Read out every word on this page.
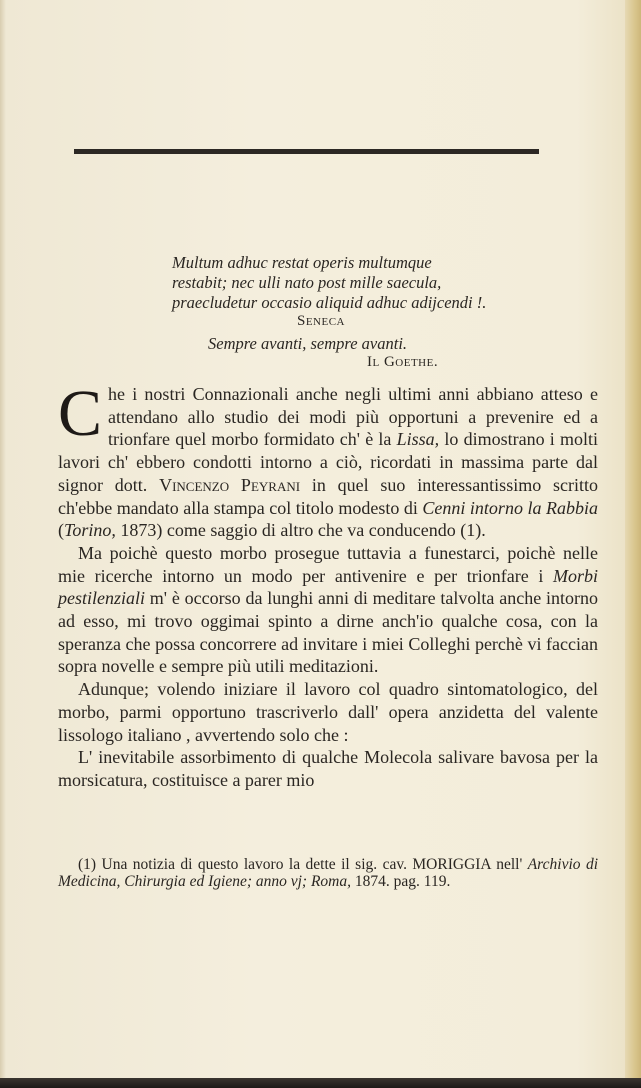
Multum adhuc restat operis multumque

restabit; nec ulli nato post mille saecula,

praecludetur occasio aliquid adhuc adijcendi !.

Seneca

Sempre avanti, sempre avanti.

Il Goethe.

Che i nostri Connazionali anche negli ultimi anni abbiano atteso e attendano allo studio dei modi più opportuni a prevenire ed a trionfare quel morbo formidato ch' è la Lissa, lo dimostrano i molti lavori ch' ebbero condotti intorno a ciò, ricordati in massima parte dal signor dott. Vincenzo Peyrani in quel suo interessantissimo scritto ch'ebbe mandato alla stampa col titolo modesto di Cenni intorno la Rabbia (Torino, 1873) come saggio di altro che va conducendo (1).

Ma poichè questo morbo prosegue tuttavia a funestarci, poichè nelle mie ricerche intorno un modo per antivenire e per trionfare i Morbi pestilenziali m' è occorso da lunghi anni di meditare talvolta anche intorno ad esso, mi trovo oggimai spinto a dirne anch'io qualche cosa, con la speranza che possa concorrere ad invitare i miei Colleghi perchè vi faccian sopra novelle e sempre più utili meditazioni.

Adunque; volendo iniziare il lavoro col quadro sintomatologico, del morbo, parmi opportuno trascriverlo dall' opera anzidetta del valente lissologo italiano , avvertendo solo che :

L' inevitabile assorbimento di qualche Molecola salivare bavosa per la morsicatura, costituisce a parer mio

(1) Una notizia di questo lavoro la dette il sig. cav. MORIGGIA nell' Archivio di Medicina, Chirurgia ed Igiene; anno vj; Roma, 1874. pag. 119.
